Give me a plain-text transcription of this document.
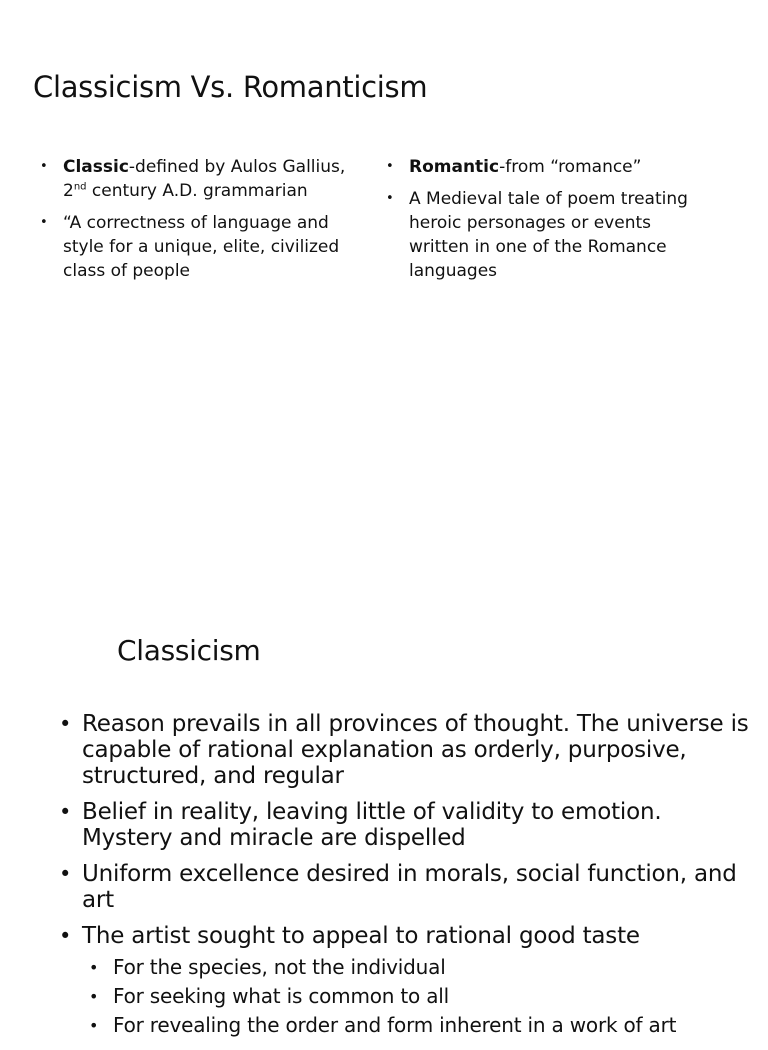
Classicism Vs. Romanticism
• Classic-defined by Aulos Gallius, 2nd century A.D. grammarian
• “A correctness of language and style for a unique, elite, civilized class of people
• Romantic-from “romance”
• A Medieval tale of poem treating heroic personages or events written in one of the Romance languages
Classicism
• Reason prevails in all provinces of thought. The universe is capable of rational explanation as orderly, purposive, structured, and regular
• Belief in reality, leaving little of validity to emotion. Mystery and miracle are dispelled
• Uniform excellence desired in morals, social function, and art
• The artist sought to appeal to rational good taste
• For the species, not the individual
• For seeking what is common to all
• For revealing the order and form inherent in a work of art
